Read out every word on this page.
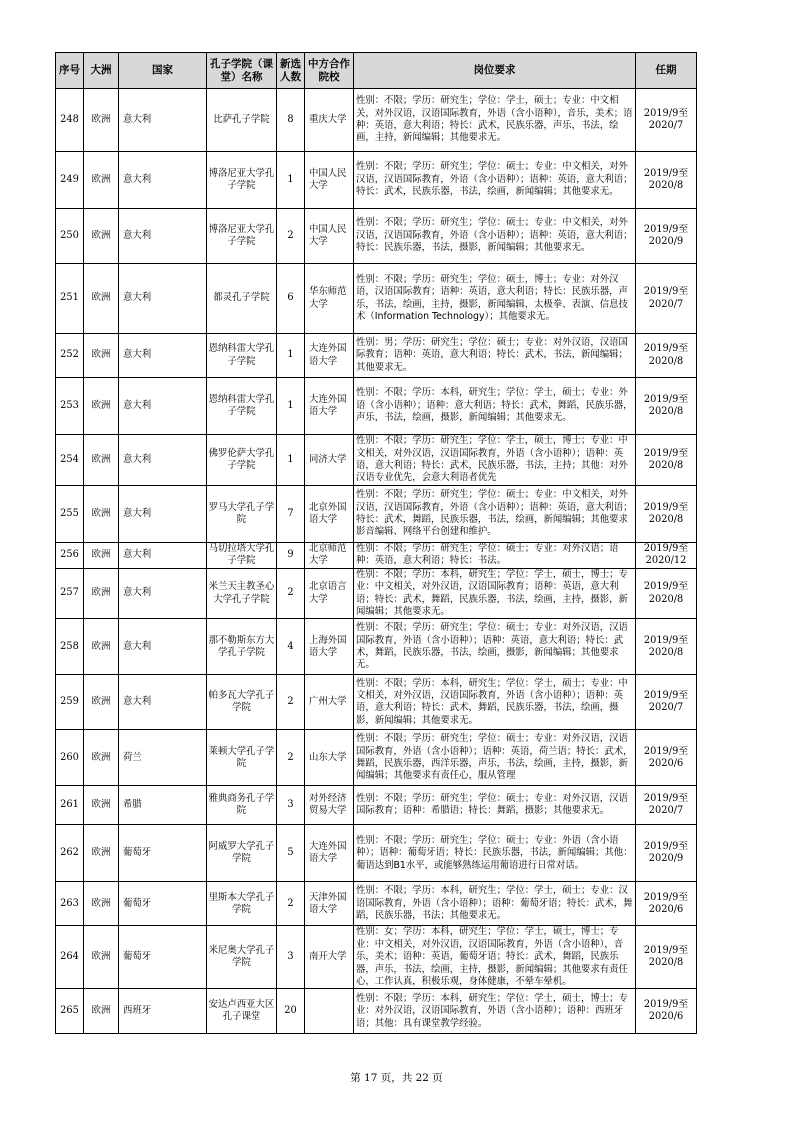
序号	大洲	国家	孔子学院（课堂）名称	新选人数	中方合作院校	岗位要求	任期
248	欧洲	意大利	比萨孔子学院	8	重庆大学	性别：不限；学历：研究生；学位：学士，硕士；专业：中文相关，对外汉语，汉语国际教育，外语（含小语种），音乐，美术；语种：英语，意大利语；特长：武术，民族乐器，声乐，书法，绘画，主持，新闻编辑；其他要求无。	2019/9至 2020/7
249	欧洲	意大利	博洛尼亚大学孔子学院	1	中国人民大学	性别：不限；学历：研究生；学位：硕士；专业：中文相关，对外汉语，汉语国际教育，外语（含小语种）；语种：英语，意大利语；特长：武术，民族乐器，书法，绘画，新闻编辑；其他要求无。	2019/9至 2020/8
250	欧洲	意大利	博洛尼亚大学孔子学院	2	中国人民大学	性别：不限；学历：研究生；学位：硕士；专业：中文相关，对外汉语，汉语国际教育，外语（含小语种）；语种：英语，意大利语；特长：民族乐器，书法，摄影，新闻编辑；其他要求无。	2019/9至 2020/9
251	欧洲	意大利	都灵孔子学院	6	华东师范大学	性别：不限；学历：研究生；学位：硕士，博士；专业：对外汉语，汉语国际教育；语种：英语，意大利语；特长：民族乐器，声乐，书法，绘画，主持，摄影，新闻编辑，太极拳、表演、信息技术（Information Technology）；其他要求无。	2019/9至 2020/7
252	欧洲	意大利	恩纳科雷大学孔子学院	1	大连外国语大学	性别：男；学历：研究生；学位：硕士；专业：对外汉语，汉语国际教育；语种：英语，意大利语；特长：武术，书法，新闻编辑；其他要求无。	2019/9至 2020/8
253	欧洲	意大利	恩纳科雷大学孔子学院	1	大连外国语大学	性别：不限；学历：本科，研究生；学位：学士，硕士；专业：外语（含小语种）；语种：意大利语；特长：武术，舞蹈，民族乐器，声乐，书法，绘画，摄影，新闻编辑；其他要求无。	2019/9至 2020/8
254	欧洲	意大利	佛罗伦萨大学孔子学院	1	同济大学	性别：不限；学历：研究生；学位：学士，硕士，博士；专业：中文相关，对外汉语，汉语国际教育，外语（含小语种）；语种：英语，意大利语；特长：武术，民族乐器，书法，主持；其他：对外汉语专业优先，会意大利语者优先	2019/9至 2020/8
255	欧洲	意大利	罗马大学孔子学院	7	北京外国语大学	性别：不限；学历：研究生；学位：硕士；专业：中文相关，对外汉语，汉语国际教育，外语（含小语种）；语种：英语，意大利语；特长：武术，舞蹈，民族乐器，书法，绘画，新闻编辑；其他要求影音编辑、网络平台创建和维护。	2019/9至 2020/8
256	欧洲	意大利	马切拉塔大学孔子学院	9	北京师范大学	性别：不限；学历：研究生；学位：硕士；专业：对外汉语；语种：英语，意大利语；特长：书法。	2019/9至 2020/12
257	欧洲	意大利	米兰天主教圣心大学孔子学院	2	北京语言大学	性别：不限；学历：本科，研究生；学位：学士，硕士，博士；专业：中文相关，对外汉语，汉语国际教育；语种：英语，意大利语；特长：武术，舞蹈，民族乐器，书法，绘画，主持，摄影，新闻编辑；其他要求无。	2019/9至 2020/8
258	欧洲	意大利	那不勒斯东方大学孔子学院	4	上海外国语大学	性别：不限；学历：研究生；学位：硕士；专业：对外汉语，汉语国际教育，外语（含小语种）；语种：英语，意大利语；特长：武术，舞蹈，民族乐器，书法，绘画，摄影，新闻编辑；其他要求无。	2019/9至 2020/8
259	欧洲	意大利	帕多瓦大学孔子学院	2	广州大学	性别：不限；学历：本科，研究生；学位：学士，硕士；专业：中文相关，对外汉语，汉语国际教育，外语（含小语种）；语种：英语，意大利语；特长：武术，舞蹈，民族乐器，书法，绘画，摄影，新闻编辑；其他要求无。	2019/9至 2020/7
260	欧洲	荷兰	莱顿大学孔子学院	2	山东大学	性别：不限；学历：研究生；学位：硕士；专业：对外汉语，汉语国际教育，外语（含小语种）；语种：英语，荷兰语；特长：武术，舞蹈，民族乐器，西洋乐器，声乐，书法，绘画，主持，摄影，新闻编辑；其他要求有责任心，服从管理	2019/9至 2020/6
261	欧洲	希腊	雅典商务孔子学院	3	对外经济贸易大学	性别：不限；学历：研究生；学位：硕士；专业：对外汉语，汉语国际教育；语种：希腊语；特长：舞蹈，摄影；其他要求无。	2019/9至 2020/7
262	欧洲	葡萄牙	阿威罗大学孔子学院	5	大连外国语大学	性别：不限；学历：研究生；学位：硕士；专业：外语（含小语种）；语种：葡萄牙语；特长：民族乐器，书法，新闻编辑；其他：葡语达到B1水平，或能够熟练运用葡语进行日常对话。	2019/9至 2020/9
263	欧洲	葡萄牙	里斯本大学孔子学院	2	天津外国语大学	性别：不限；学历：本科，研究生；学位：学士，硕士；专业：汉语国际教育，外语（含小语种）；语种：葡萄牙语；特长：武术，舞蹈，民族乐器，书法；其他要求无。	2019/9至 2020/6
264	欧洲	葡萄牙	米尼奥大学孔子学院	3	南开大学	性别：女；学历：本科，研究生；学位：学士，硕士，博士；专业：中文相关，对外汉语，汉语国际教育，外语（含小语种），音乐，美术；语种：英语，葡萄牙语；特长：武术，舞蹈，民族乐器，声乐，书法，绘画，主持，摄影，新闻编辑；其他要求有责任心，工作认真，积极乐观，身体健康，不晕车晕机。	2019/9至 2020/8
265	欧洲	西班牙	安达卢西亚大区孔子课堂	20		性别：不限；学历：本科，研究生；学位：学士，硕士，博士；专业：对外汉语，汉语国际教育，外语（含小语种）；语种：西班牙语；其他：具有课堂教学经验。	2019/9至 2020/6
第 17 页，共 22 页
